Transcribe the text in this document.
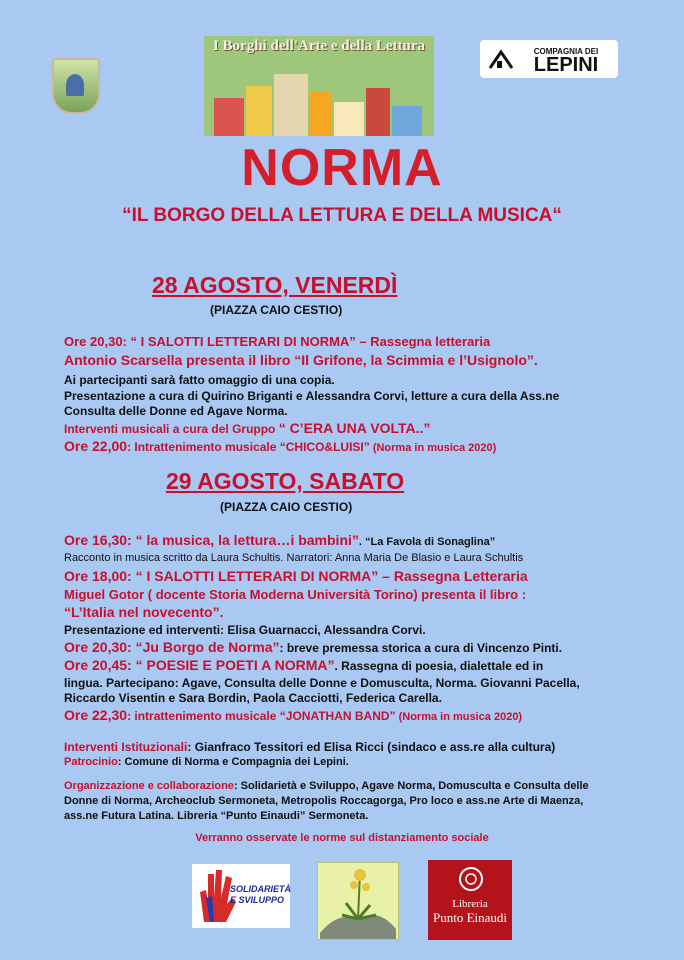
I Borghi dell'Arte e della Lettura	COMPAGNIA DEI
LEPINI
NORMA
“IL BORGO DELLA LETTURA E DELLA MUSICA“
28 AGOSTO, VENERDÌ
(PIAZZA CAIO CESTIO)
Ore 20,30: “ I SALOTTI LETTERARI DI NORMA” – Rassegna letteraria
Antonio Scarsella presenta il libro “Il Grifone, la Scimmia e l’Usignolo”.
Ai partecipanti sarà fatto omaggio di una copia.
Presentazione a cura di Quirino Briganti e Alessandra Corvi, letture a cura della Ass.ne
Consulta delle Donne ed Agave Norma.
Interventi musicali a cura del Gruppo “ C’ERA UNA VOLTA..”
Ore 22,00: Intrattenimento musicale “CHICO&LUISI” (Norma in musica 2020)
29 AGOSTO, SABATO
(PIAZZA CAIO CESTIO)
Ore 16,30: “ la musica, la lettura…i bambini”. “La Favola di Sonaglina”
Racconto in musica scritto da Laura Schultis. Narratori: Anna Maria De Blasio e Laura Schultis
Ore 18,00: “ I SALOTTI LETTERARI DI NORMA” – Rassegna Letteraria
Miguel Gotor ( docente Storia Moderna Università Torino) presenta il libro :
“L’Italia nel novecento”.
Presentazione ed interventi: Elisa Guarnacci, Alessandra Corvi.
Ore 20,30: “Ju Borgo de Norma”: breve premessa storica a cura di Vincenzo Pinti.
Ore 20,45: “ POESIE E POETI A NORMA”. Rassegna di poesia, dialettale ed in
lingua. Partecipano: Agave, Consulta delle Donne e Domusculta, Norma. Giovanni Pacella,
Riccardo Visentin e Sara Bordin, Paola Cacciotti, Federica Carella.
Ore 22,30: intrattenimento musicale “JONATHAN BAND” (Norma in musica 2020)
Interventi Istituzionali: Gianfraco Tessitori ed Elisa Ricci (sindaco e ass.re alla cultura)
Patrocinio: Comune di Norma e Compagnia dei Lepini.
Organizzazione e collaborazione: Solidarietà e Sviluppo, Agave Norma, Domusculta e Consulta delle
Donne di Norma, Archeoclub Sermoneta, Metropolis Roccagorga, Pro loco e ass.ne Arte di Maenza,
ass.ne Futura Latina. Libreria “Punto Einaudi” Sermoneta.
Verranno osservate le norme sul distanziamento sociale
SOLIDARIETÀ E SVILUPPO	Libreria
Punto Einaudi
